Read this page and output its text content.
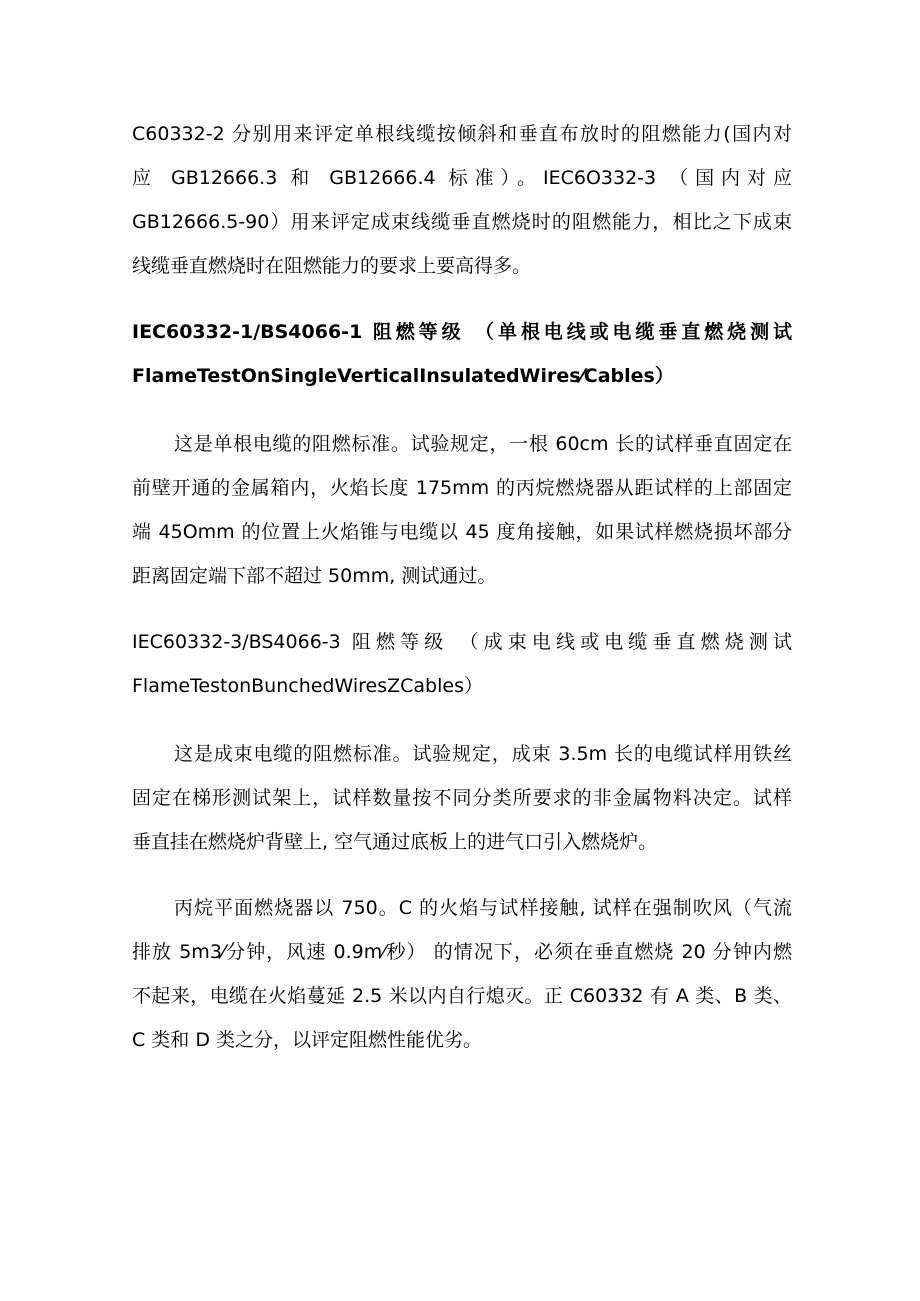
C60332-2 分别用来评定单根线缆按倾斜和垂直布放时的阻燃能力(国内对
应 GB12666.3 和 GB12666.4 标准）。IEC6O332-3 （国内对应
GB12666.5-90）用来评定成束线缆垂直燃烧时的阻燃能力，相比之下成束
线缆垂直燃烧时在阻燃能力的要求上要高得多。
IEC60332-1/BS4066-1 阻燃等级 （单根电线或电缆垂直燃烧测试
FlameTestOnSingleVerticalInsulatedWires⁄Cables）
这是单根电缆的阻燃标准。试验规定，一根 60cm 长的试样垂直固定在
前壁开通的金属箱内，火焰长度 175mm 的丙烷燃烧器从距试样的上部固定
端 45Omm 的位置上火焰锥与电缆以 45 度角接触，如果试样燃烧损坏部分
距离固定端下部不超过 50mm, 测试通过。
IEC60332-3/BS4066-3 阻燃等级 （成束电线或电缆垂直燃烧测试
FlameTestonBunchedWiresZCables）
这是成束电缆的阻燃标准。试验规定，成束 3.5m 长的电缆试样用铁丝
固定在梯形测试架上，试样数量按不同分类所要求的非金属物料决定。试样
垂直挂在燃烧炉背壁上, 空气通过底板上的进气口引入燃烧炉。
丙烷平面燃烧器以 750。C 的火焰与试样接触, 试样在强制吹风（气流
排放 5m3⁄分钟，风速 0.9m⁄秒） 的情况下，必须在垂直燃烧 20 分钟内燃
不起来，电缆在火焰蔓延 2.5 米以内自行熄灭。正 C60332 有 A 类、B 类、
C 类和 D 类之分，以评定阻燃性能优劣。
